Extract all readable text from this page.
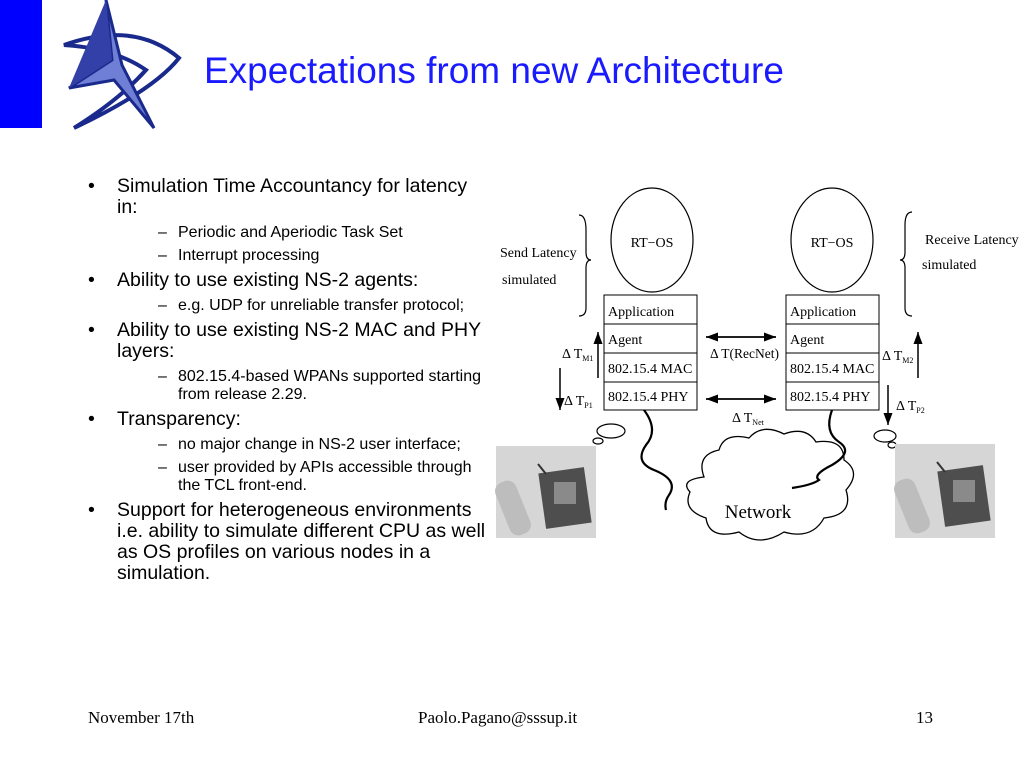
Expectations from new Architecture
• Simulation Time Accountancy for latency in:
– Periodic and Aperiodic Task Set
– Interrupt processing
• Ability to use existing NS-2 agents:
– e.g. UDP for unreliable transfer protocol;
• Ability to use existing NS-2 MAC and PHY layers:
– 802.15.4-based WPANs supported starting from release 2.29.
• Transparency:
– no major change in NS-2 user interface;
– user provided by APIs accessible through the TCL front-end.
• Support for heterogeneous environments i.e. ability to simulate different CPU as well as OS profiles on various nodes in a simulation.
Send Latency
simulated
Receive Latency
simulated
RT−OS	RT−OS
Application
Agent
802.15.4 MAC
802.15.4 PHY
Application
Agent
802.15.4 MAC
802.15.4 PHY
Δ $T_{M1}$
Δ $T_{P1}$
Δ $T_{M2}$
Δ $T_{P2}$
Δ T(RecNet)
Δ $T_{Net}$
Network
November 17th	Paolo.Pagano@sssup.it	13
